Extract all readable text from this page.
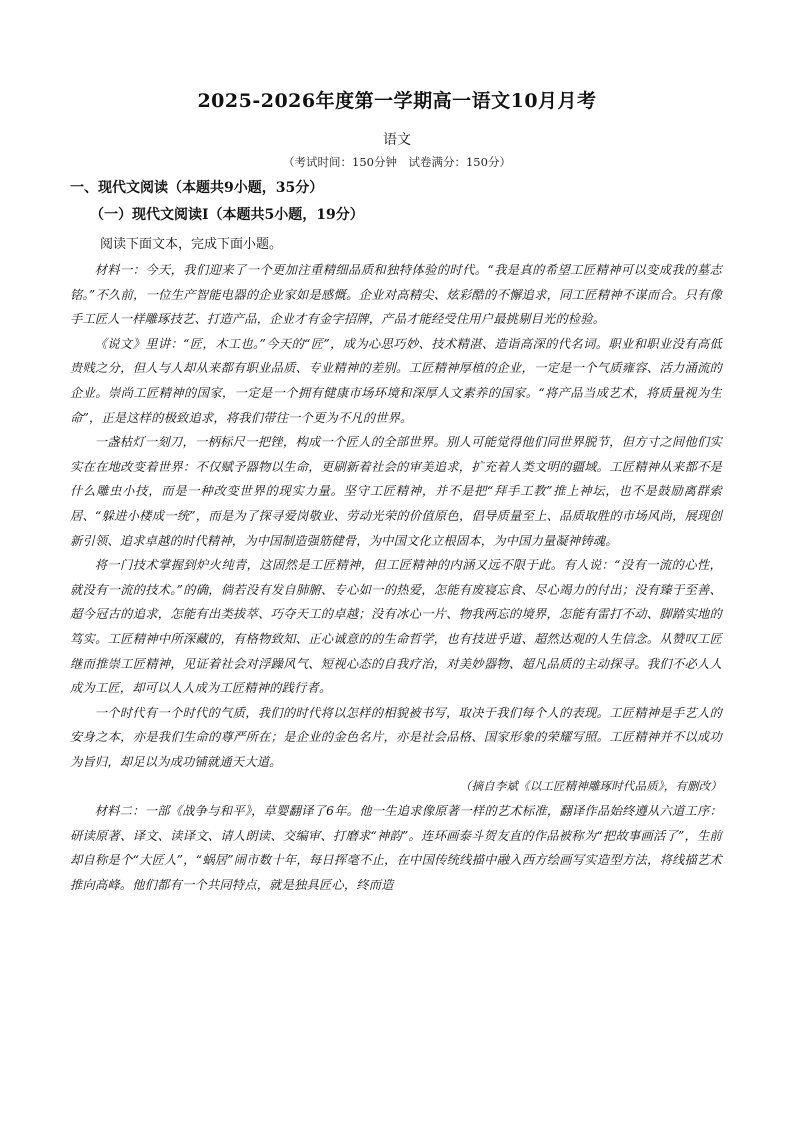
2025-2026年度第一学期高一语文10月月考
语文
（考试时间：150分钟　试卷满分：150分）
一、现代文阅读（本题共9小题，35分）
（一）现代文阅读Ⅰ（本题共5小题，19分）
阅读下面文本，完成下面小题。

材料一：今天，我们迎来了一个更加注重精细品质和独特体验的时代。“我是真的希望工匠精神可以变成我的墓志铭。”不久前，一位生产智能电器的企业家如是感慨。企业对高精尖、炫彩酷的不懈追求，同工匠精神不谋而合。只有像手工匠人一样雕琢技艺、打造产品，企业才有金字招牌，产品才能经受住用户最挑剔目光的检验。

《说文》里讲：“匠，木工也。”今天的“匠”，成为心思巧妙、技术精湛、造诣高深的代名词。职业和职业没有高低贵贱之分，但人与人却从来都有职业品质、专业精神的差别。工匠精神厚植的企业，一定是一个气质雍容、活力涌流的企业。崇尚工匠精神的国家，一定是一个拥有健康市场环境和深厚人文素养的国家。“将产品当成艺术，将质量视为生命”，正是这样的极致追求，将我们带往一个更为不凡的世界。

一盏枯灯一刻刀，一柄标尺一把锉，构成一个匠人的全部世界。别人可能觉得他们同世界脱节，但方寸之间他们实实在在地改变着世界：不仅赋予器物以生命，更刷新着社会的审美追求，扩充着人类文明的疆域。工匠精神从来都不是什么雕虫小技，而是一种改变世界的现实力量。坚守工匠精神，并不是把“拜手工教”推上神坛，也不是鼓励离群索居、“躲进小楼成一统”，而是为了探寻爱岗敬业、劳动光荣的价值原色，倡导质量至上、品质取胜的市场风尚，展现创新引领、追求卓越的时代精神，为中国制造强筋健骨，为中国文化立根固本，为中国力量凝神铸魂。

将一门技术掌握到炉火纯青，这固然是工匠精神，但工匠精神的内涵又远不限于此。有人说：“没有一流的心性，就没有一流的技术。”的确，倘若没有发自肺腑、专心如一的热爱，怎能有废寝忘食、尽心竭力的付出；没有臻于至善、超今冠古的追求，怎能有出类拔萃、巧夺天工的卓越；没有冰心一片、物我两忘的境界，怎能有雷打不动、脚踏实地的笃实。工匠精神中所深藏的，有格物致知、正心诚意的的生命哲学，也有技进乎道、超然达观的人生信念。从赞叹工匠继而推崇工匠精神，见证着社会对浮躁风气、短视心态的自我疗治，对美妙器物、超凡品质的主动探寻。我们不必人人成为工匠，却可以人人成为工匠精神的践行者。

一个时代有一个时代的气质，我们的时代将以怎样的相貌被书写，取决于我们每个人的表现。工匠精神是手艺人的安身之本，亦是我们生命的尊严所在；是企业的金色名片，亦是社会品格、国家形象的荣耀写照。工匠精神并不以成功为旨归，却足以为成功铺就通天大道。

（摘自李斌《以工匠精神雕琢时代品质》，有删改）

材料二：一部《战争与和平》，草婴翻译了6年。他一生追求像原著一样的艺术标准，翻译作品始终遵从六道工序：研读原著、译文、读译文、请人朗读、交编审、打磨求“神韵”。连环画泰斗贺友直的作品被称为“把故事画活了”，生前却自称是个“大匠人”，“蜗居”闹市数十年，每日挥毫不止，在中国传统线描中融入西方绘画写实造型方法，将线描艺术推向高峰。他们都有一个共同特点，就是独具匠心，终而造
